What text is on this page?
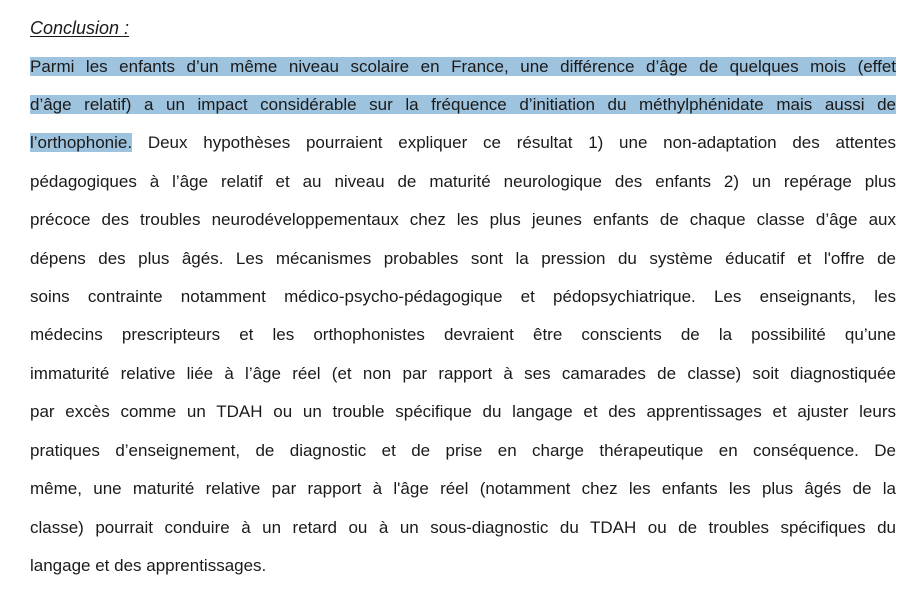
Conclusion :
Parmi les enfants d’un même niveau scolaire en France, une différence d’âge de quelques mois (effet
d’âge relatif) a un impact considérable sur la fréquence d’initiation du méthylphénidate mais aussi de
l’orthophonie. Deux hypothèses pourraient expliquer ce résultat 1) une non-adaptation des attentes
pédagogiques à l’âge relatif et au niveau de maturité neurologique des enfants 2) un repérage plus
précoce des troubles neurodéveloppementaux chez les plus jeunes enfants de chaque classe d’âge aux
dépens des plus âgés. Les mécanismes probables sont la pression du système éducatif et l'offre de
soins contrainte notamment médico-psycho-pédagogique et pédopsychiatrique. Les enseignants, les
médecins prescripteurs et les orthophonistes devraient être conscients de la possibilité qu’une
immaturité relative liée à l’âge réel (et non par rapport à ses camarades de classe) soit diagnostiquée
par excès comme un TDAH ou un trouble spécifique du langage et des apprentissages et ajuster leurs
pratiques d’enseignement, de diagnostic et de prise en charge thérapeutique en conséquence. De
même, une maturité relative par rapport à l'âge réel (notamment chez les enfants les plus âgés de la
classe) pourrait conduire à un retard ou à un sous-diagnostic du TDAH ou de troubles spécifiques du
langage et des apprentissages.
